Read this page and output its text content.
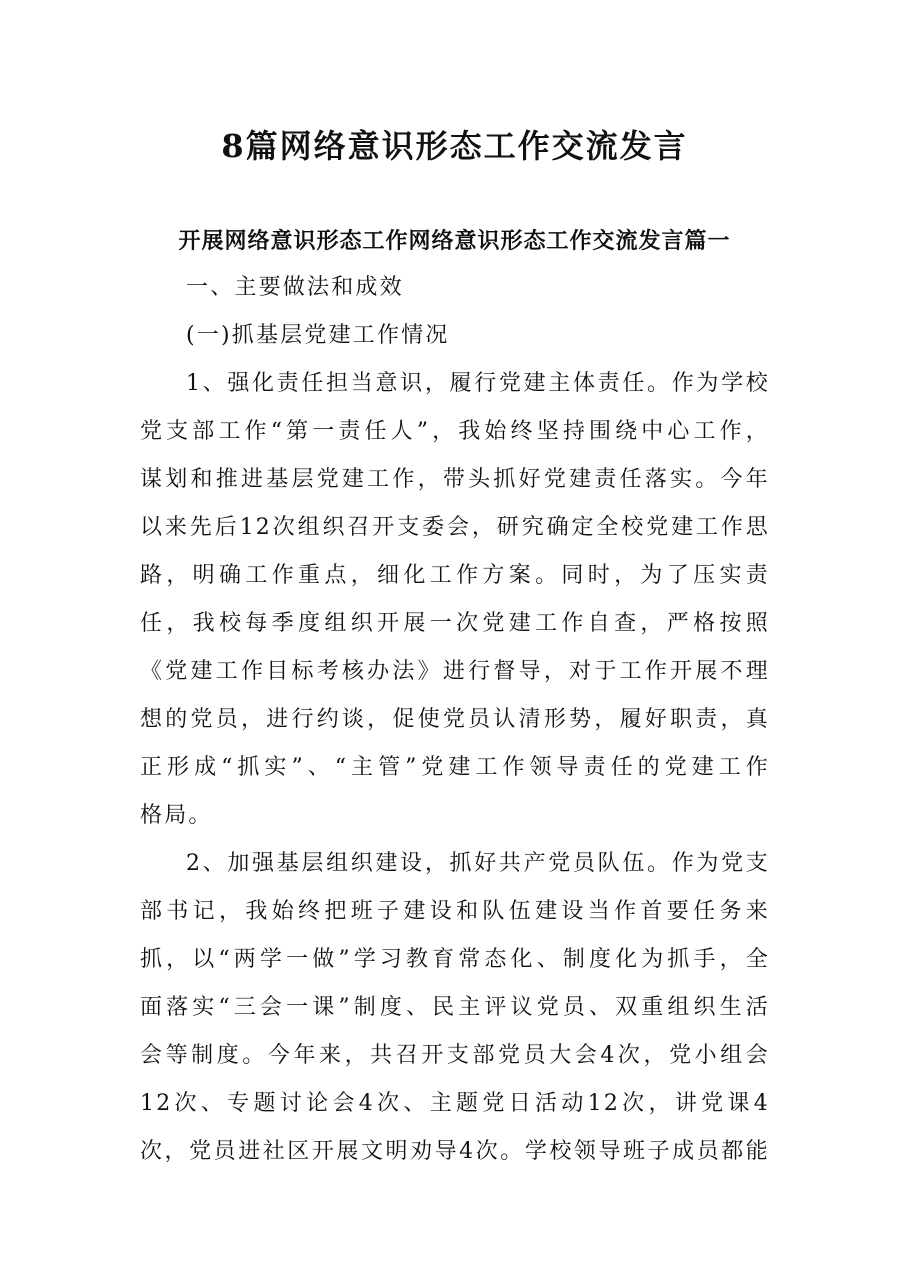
8篇网络意识形态工作交流发言
开展网络意识形态工作网络意识形态工作交流发言篇一
一、主要做法和成效
(一)抓基层党建工作情况
1、强化责任担当意识，履行党建主体责任。作为学校
党支部工作“第一责任人”，我始终坚持围绕中心工作，
谋划和推进基层党建工作，带头抓好党建责任落实。今年
以来先后12次组织召开支委会，研究确定全校党建工作思
路，明确工作重点，细化工作方案。同时，为了压实责
任，我校每季度组织开展一次党建工作自查，严格按照
《党建工作目标考核办法》进行督导，对于工作开展不理
想的党员，进行约谈，促使党员认清形势，履好职责，真
正形成“抓实”、“主管”党建工作领导责任的党建工作
格局。
2、加强基层组织建设，抓好共产党员队伍。作为党支
部书记，我始终把班子建设和队伍建设当作首要任务来
抓，以“两学一做”学习教育常态化、制度化为抓手，全
面落实“三会一课”制度、民主评议党员、双重组织生活
会等制度。今年来，共召开支部党员大会4次，党小组会
12次、专题讨论会4次、主题党日活动12次，讲党课4
次，党员进社区开展文明劝导4次。学校领导班子成员都能
